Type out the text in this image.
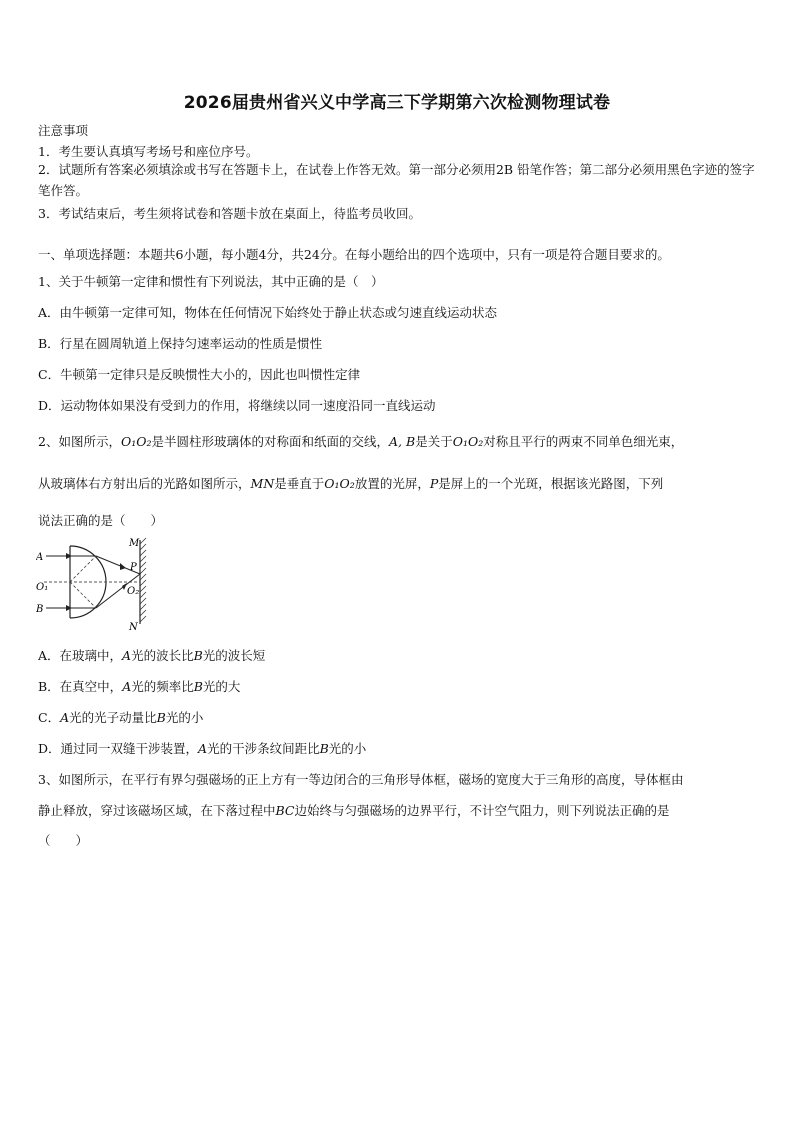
2026届贵州省兴义中学高三下学期第六次检测物理试卷
注意事项
1．考生要认真填写考场号和座位序号。
2．试题所有答案必须填涂或书写在答题卡上，在试卷上作答无效。第一部分必须用2B 铅笔作答；第二部分必须用黑色字迹的签字笔作答。
3．考试结束后，考生须将试卷和答题卡放在桌面上，待监考员收回。
一、单项选择题：本题共6小题，每小题4分，共24分。在每小题给出的四个选项中，只有一项是符合题目要求的。
1、关于牛顿第一定律和惯性有下列说法，其中正确的是（　）
A．由牛顿第一定律可知，物体在任何情况下始终处于静止状态或匀速直线运动状态
B．行星在圆周轨道上保持匀速率运动的性质是惯性
C．牛顿第一定律只是反映惯性大小的，因此也叫惯性定律
D．运动物体如果没有受到力的作用，将继续以同一速度沿同一直线运动
2、如图所示，O₁O₂是半圆柱形玻璃体的对称面和纸面的交线，A, B是关于O₁O₂对称且平行的两束不同单色细光束，
从玻璃体右方射出后的光路如图所示，MN是垂直于O₁O₂放置的光屏，P是屏上的一个光斑，根据该光路图，下列
说法正确的是（　　）
A
O₁
B
M
P
O₂
N
A．在玻璃中，A光的波长比B光的波长短
B．在真空中，A光的频率比B光的大
C．A光的光子动量比B光的小
D．通过同一双缝干涉装置，A光的干涉条纹间距比B光的小
3、如图所示，在平行有界匀强磁场的正上方有一等边闭合的三角形导体框，磁场的宽度大于三角形的高度，导体框由
静止释放，穿过该磁场区域，在下落过程中BC边始终与匀强磁场的边界平行，不计空气阻力，则下列说法正确的是
（　　）
